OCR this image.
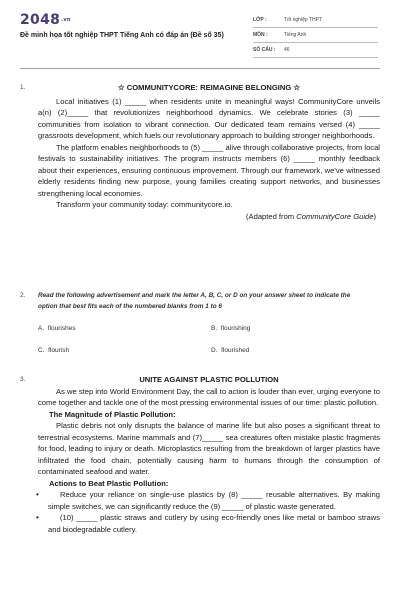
2048.vn
Đề minh họa tốt nghiệp THPT Tiếng Anh có đáp án (Đề số 35)
LỚP :	Tốt nghiệp THPT
MÔN :	Tiếng Anh
SỐ CÂU : 46
1.	☆ COMMUNITYCORE: REIMAGINE BELONGING ☆

Local initiatives (1) _____ when residents unite in meaningful ways! CommunityCore unveils a(n) (2)_____ that revolutionizes neighborhood dynamics. We celebrate stories (3) _____ communities from isolation to vibrant connection. Our dedicated team remains versed (4) _____ grassroots development, which fuels our revolutionary approach to building stronger neighborhoods.

The platform enables neighborhoods to (5) _____ alive through collaborative projects, from local festivals to sustainability initiatives. The program instructs members (6) _____ monthly feedback about their experiences, ensuring continuous improvement. Through our framework, we've witnessed elderly residents finding new purpose, young families creating support networks, and businesses strengthening local economies.

Transform your community today: communitycore.io.

(Adapted from CommunityCore Guide)

2. Read the following advertisement and mark the letter A, B, C, or D on your answer sheet to indicate the option that best fits each of the numbered blanks from 1 to 6
A. flourishes	B. flourishing
C. flourish	D. flourished
3.	UNITE AGAINST PLASTIC POLLUTION

As we step into World Environment Day, the call to action is louder than ever, urging everyone to come together and tackle one of the most pressing environmental issues of our time: plastic pollution.

The Magnitude of Plastic Pollution:

Plastic debris not only disrupts the balance of marine life but also poses a significant threat to terrestrial ecosystems. Marine mammals and (7)_____ sea creatures often mistake plastic fragments for food, leading to injury or death. Microplastics resulting from the breakdown of larger plastics have infiltrated the food chain, potentially causing harm to humans through the consumption of contaminated seafood and water.

Actions to Beat Plastic Pollution:

•	Reduce your reliance on single-use plastics by (8) _____ reusable alternatives. By making simple switches, we can significantly reduce the (9) _____ of plastic waste generated.

•	(10) _____ plastic straws and cutlery by using eco-friendly ones like metal or bamboo straws and biodegradable cutlery.
